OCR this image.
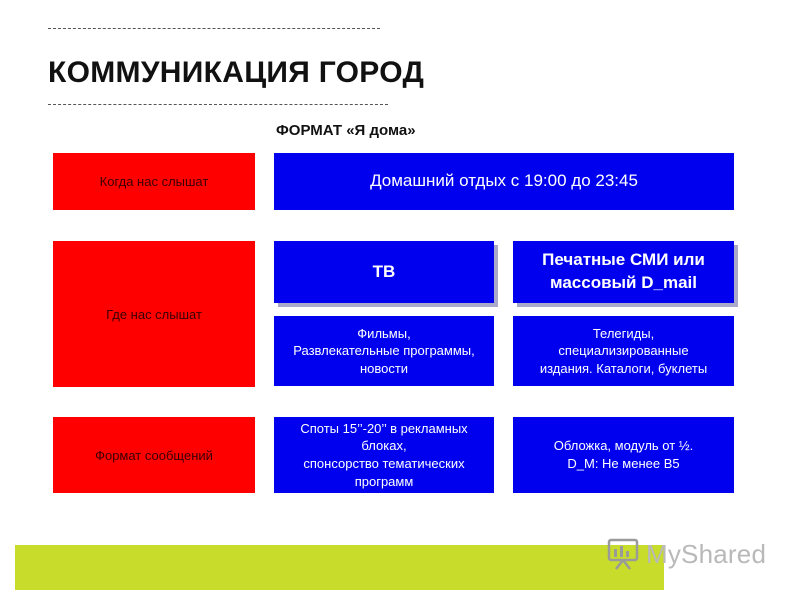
КОММУНИКАЦИЯ ГОРОД
ФОРМАТ «Я дома»
Когда нас слышат	Домашний отдых с 19:00 до 23:45
Где нас слышат
ТВ
Печатные СМИ или
массовый D_mail
Фильмы,
Развлекательные программы,
новости
Телегиды,
специализированные
издания. Каталоги, буклеты
Формат сообщений
Споты 15’’-20’’ в рекламных
блоках,
спонсорство тематических
программ
Обложка, модуль от ½.
D_M: Не менее В5
MyShared
